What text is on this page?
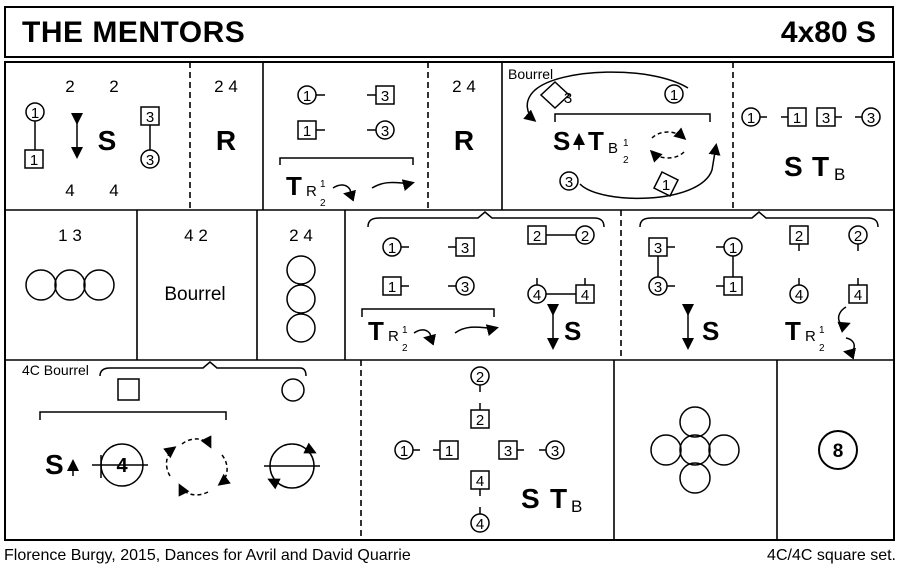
THE MENTORS	4x80 S
2 2
4 4
1
1
3
3
S
2 4
R
1	3
1	3
T R 1
2
2 4
R
Bourrel
3	1
S T B 1
2
3	1
1	1 3 3
S T B
1 3	4 2
Bourrel
2 4
1	3
1	3
2	2
4	4
T R 1
2
S
3
3
1
1
2	2
4	4
S	T R 1
2
4C Bourrel
S	4
2
2
1 1	3	3
4
4
S T B
8
Florence Burgy, 2015, Dances for Avril and David Quarrie	4C/4C square set.
